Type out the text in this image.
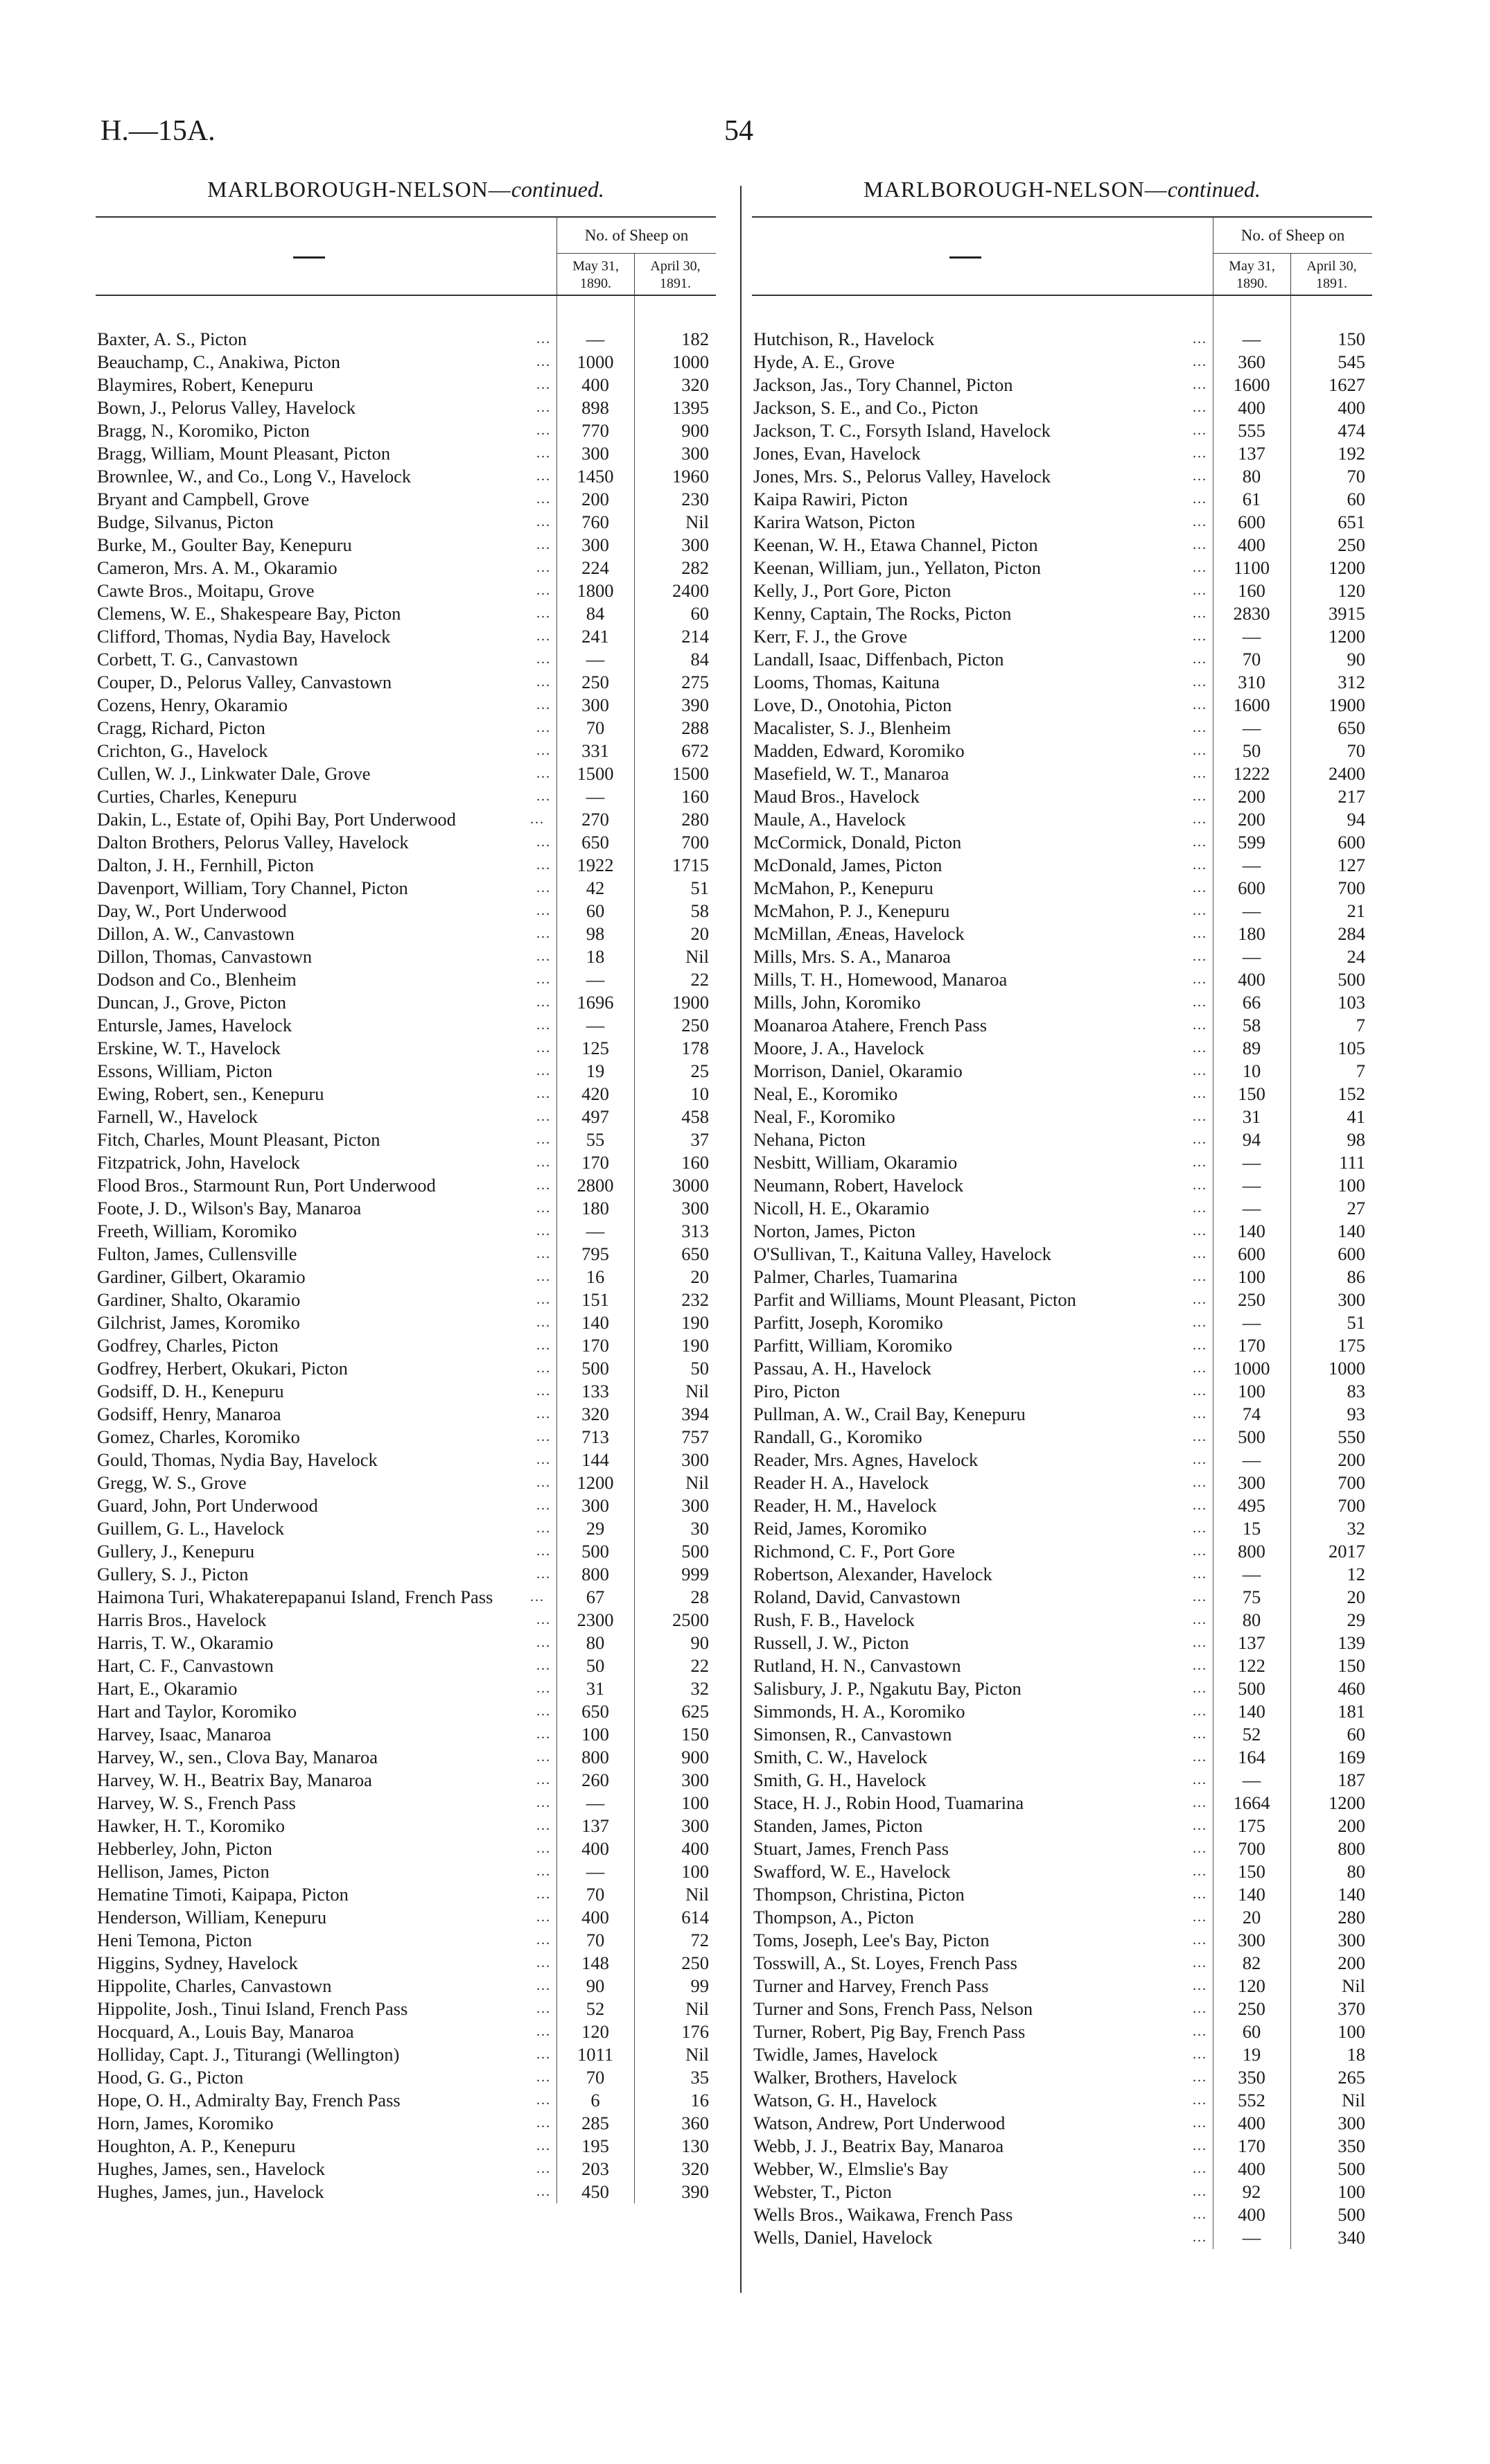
H.—15A.	54
MARLBOROUGH-NELSON—continued.
No. of Sheep on
May 31,
1890.
April 30,
1891.
Baxter, A. S., Picton	...	—	182
Beauchamp, C., Anakiwa, Picton	...	1000	1000
Blaymires, Robert, Kenepuru	...	400	320
Bown, J., Pelorus Valley, Havelock	...	898	1395
Bragg, N., Koromiko, Picton	...	770	900
Bragg, William, Mount Pleasant, Picton	...	300	300
Brownlee, W., and Co., Long V., Havelock	...	1450	1960
Bryant and Campbell, Grove	...	200	230
Budge, Silvanus, Picton	...	760	Nil
Burke, M., Goulter Bay, Kenepuru	...	300	300
Cameron, Mrs. A. M., Okaramio	...	224	282
Cawte Bros., Moitapu, Grove	...	1800	2400
Clemens, W. E., Shakespeare Bay, Picton	...	84	60
Clifford, Thomas, Nydia Bay, Havelock	...	241	214
Corbett, T. G., Canvastown	...	—	84
Couper, D., Pelorus Valley, Canvastown	...	250	275
Cozens, Henry, Okaramio	...	300	390
Cragg, Richard, Picton	...	70	288
Crichton, G., Havelock	...	331	672
Cullen, W. J., Linkwater Dale, Grove	...	1500	1500
Curties, Charles, Kenepuru	...	—	160
Dakin, L., Estate of, Opihi Bay, Port Underwood	...	270	280
Dalton Brothers, Pelorus Valley, Havelock	...	650	700
Dalton, J. H., Fernhill, Picton	...	1922	1715
Davenport, William, Tory Channel, Picton	...	42	51
Day, W., Port Underwood	...	60	58
Dillon, A. W., Canvastown	...	98	20
Dillon, Thomas, Canvastown	...	18	Nil
Dodson and Co., Blenheim	...	—	22
Duncan, J., Grove, Picton	...	1696	1900
Entursle, James, Havelock	...	—	250
Erskine, W. T., Havelock	...	125	178
Essons, William, Picton	...	19	25
Ewing, Robert, sen., Kenepuru	...	420	10
Farnell, W., Havelock	...	497	458
Fitch, Charles, Mount Pleasant, Picton	...	55	37
Fitzpatrick, John, Havelock	...	170	160
Flood Bros., Starmount Run, Port Underwood	...	2800	3000
Foote, J. D., Wilson's Bay, Manaroa	...	180	300
Freeth, William, Koromiko	...	—	313
Fulton, James, Cullensville	...	795	650
Gardiner, Gilbert, Okaramio	...	16	20
Gardiner, Shalto, Okaramio	...	151	232
Gilchrist, James, Koromiko	...	140	190
Godfrey, Charles, Picton	...	170	190
Godfrey, Herbert, Okukari, Picton	...	500	50
Godsiff, D. H., Kenepuru	...	133	Nil
Godsiff, Henry, Manaroa	...	320	394
Gomez, Charles, Koromiko	...	713	757
Gould, Thomas, Nydia Bay, Havelock	...	144	300
Gregg, W. S., Grove	...	1200	Nil
Guard, John, Port Underwood	...	300	300
Guillem, G. L., Havelock	...	29	30
Gullery, J., Kenepuru	...	500	500
Gullery, S. J., Picton	...	800	999
Haimona Turi, Whakaterepapanui Island, French Pass	...	67	28
Harris Bros., Havelock	...	2300	2500
Harris, T. W., Okaramio	...	80	90
Hart, C. F., Canvastown	...	50	22
Hart, E., Okaramio	...	31	32
Hart and Taylor, Koromiko	...	650	625
Harvey, Isaac, Manaroa	...	100	150
Harvey, W., sen., Clova Bay, Manaroa	...	800	900
Harvey, W. H., Beatrix Bay, Manaroa	...	260	300
Harvey, W. S., French Pass	...	—	100
Hawker, H. T., Koromiko	...	137	300
Hebberley, John, Picton	...	400	400
Hellison, James, Picton	...	—	100
Hematine Timoti, Kaipapa, Picton	...	70	Nil
Henderson, William, Kenepuru	...	400	614
Heni Temona, Picton	...	70	72
Higgins, Sydney, Havelock	...	148	250
Hippolite, Charles, Canvastown	...	90	99
Hippolite, Josh., Tinui Island, French Pass	...	52	Nil
Hocquard, A., Louis Bay, Manaroa	...	120	176
Holliday, Capt. J., Titurangi (Wellington)	...	1011	Nil
Hood, G. G., Picton	...	70	35
Hope, O. H., Admiralty Bay, French Pass	...	6	16
Horn, James, Koromiko	...	285	360
Houghton, A. P., Kenepuru	...	195	130
Hughes, James, sen., Havelock	...	203	320
Hughes, James, jun., Havelock	...	450	390
MARLBOROUGH-NELSON—continued.
No. of Sheep on
May 31,
1890.
April 30,
1891.
Hutchison, R., Havelock	...	—	150
Hyde, A. E., Grove	...	360	545
Jackson, Jas., Tory Channel, Picton	...	1600	1627
Jackson, S. E., and Co., Picton	...	400	400
Jackson, T. C., Forsyth Island, Havelock	...	555	474
Jones, Evan, Havelock	...	137	192
Jones, Mrs. S., Pelorus Valley, Havelock	...	80	70
Kaipa Rawiri, Picton	...	61	60
Karira Watson, Picton	...	600	651
Keenan, W. H., Etawa Channel, Picton	...	400	250
Keenan, William, jun., Yellaton, Picton	...	1100	1200
Kelly, J., Port Gore, Picton	...	160	120
Kenny, Captain, The Rocks, Picton	...	2830	3915
Kerr, F. J., the Grove	...	—	1200
Landall, Isaac, Diffenbach, Picton	...	70	90
Looms, Thomas, Kaituna	...	310	312
Love, D., Onotohia, Picton	...	1600	1900
Macalister, S. J., Blenheim	...	—	650
Madden, Edward, Koromiko	...	50	70
Masefield, W. T., Manaroa	...	1222	2400
Maud Bros., Havelock	...	200	217
Maule, A., Havelock	...	200	94
McCormick, Donald, Picton	...	599	600
McDonald, James, Picton	...	—	127
McMahon, P., Kenepuru	...	600	700
McMahon, P. J., Kenepuru	...	—	21
McMillan, Æneas, Havelock	...	180	284
Mills, Mrs. S. A., Manaroa	...	—	24
Mills, T. H., Homewood, Manaroa	...	400	500
Mills, John, Koromiko	...	66	103
Moanaroa Atahere, French Pass	...	58	7
Moore, J. A., Havelock	...	89	105
Morrison, Daniel, Okaramio	...	10	7
Neal, E., Koromiko	...	150	152
Neal, F., Koromiko	...	31	41
Nehana, Picton	...	94	98
Nesbitt, William, Okaramio	...	—	111
Neumann, Robert, Havelock	...	—	100
Nicoll, H. E., Okaramio	...	—	27
Norton, James, Picton	...	140	140
O'Sullivan, T., Kaituna Valley, Havelock	...	600	600
Palmer, Charles, Tuamarina	...	100	86
Parfit and Williams, Mount Pleasant, Picton	...	250	300
Parfitt, Joseph, Koromiko	...	—	51
Parfitt, William, Koromiko	...	170	175
Passau, A. H., Havelock	...	1000	1000
Piro, Picton	...	100	83
Pullman, A. W., Crail Bay, Kenepuru	...	74	93
Randall, G., Koromiko	...	500	550
Reader, Mrs. Agnes, Havelock	...	—	200
Reader H. A., Havelock	...	300	700
Reader, H. M., Havelock	...	495	700
Reid, James, Koromiko	...	15	32
Richmond, C. F., Port Gore	...	800	2017
Robertson, Alexander, Havelock	...	—	12
Roland, David, Canvastown	...	75	20
Rush, F. B., Havelock	...	80	29
Russell, J. W., Picton	...	137	139
Rutland, H. N., Canvastown	...	122	150
Salisbury, J. P., Ngakutu Bay, Picton	...	500	460
Simmonds, H. A., Koromiko	...	140	181
Simonsen, R., Canvastown	...	52	60
Smith, C. W., Havelock	...	164	169
Smith, G. H., Havelock	...	—	187
Stace, H. J., Robin Hood, Tuamarina	...	1664	1200
Standen, James, Picton	...	175	200
Stuart, James, French Pass	...	700	800
Swafford, W. E., Havelock	...	150	80
Thompson, Christina, Picton	...	140	140
Thompson, A., Picton	...	20	280
Toms, Joseph, Lee's Bay, Picton	...	300	300
Tosswill, A., St. Loyes, French Pass	...	82	200
Turner and Harvey, French Pass	...	120	Nil
Turner and Sons, French Pass, Nelson	...	250	370
Turner, Robert, Pig Bay, French Pass	...	60	100
Twidle, James, Havelock	...	19	18
Walker, Brothers, Havelock	...	350	265
Watson, G. H., Havelock	...	552	Nil
Watson, Andrew, Port Underwood	...	400	300
Webb, J. J., Beatrix Bay, Manaroa	...	170	350
Webber, W., Elmslie's Bay	...	400	500
Webster, T., Picton	...	92	100
Wells Bros., Waikawa, French Pass	...	400	500
Wells, Daniel, Havelock	...	—	340
